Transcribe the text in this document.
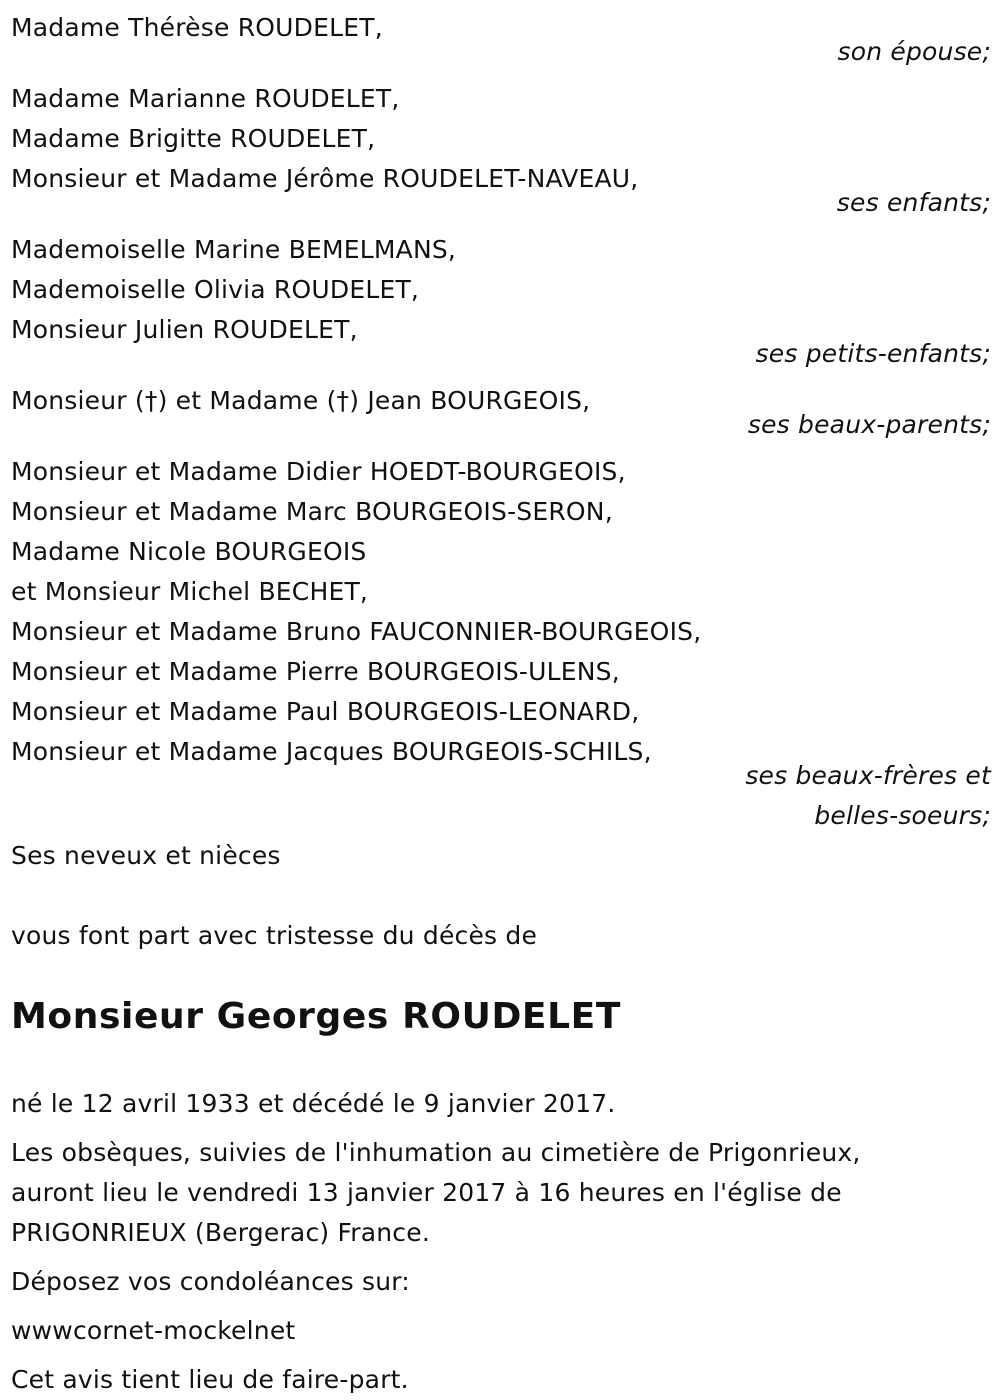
Madame Thérèse ROUDELET,
son épouse;
Madame Marianne ROUDELET,
Madame Brigitte ROUDELET,
Monsieur et Madame Jérôme ROUDELET-NAVEAU,
ses enfants;
Mademoiselle Marine BEMELMANS,
Mademoiselle Olivia ROUDELET,
Monsieur Julien ROUDELET,
ses petits-enfants;
Monsieur (†) et Madame (†) Jean BOURGEOIS,
ses beaux-parents;
Monsieur et Madame Didier HOEDT-BOURGEOIS,
Monsieur et Madame Marc BOURGEOIS-SERON,
Madame Nicole BOURGEOIS
et Monsieur Michel BECHET,
Monsieur et Madame Bruno FAUCONNIER-BOURGEOIS,
Monsieur et Madame Pierre BOURGEOIS-ULENS,
Monsieur et Madame Paul BOURGEOIS-LEONARD,
Monsieur et Madame Jacques BOURGEOIS-SCHILS,
ses beaux-frères et
belles-soeurs;
Ses neveux et nièces
vous font part avec tristesse du décès de
Monsieur Georges ROUDELET
né le 12 avril 1933 et décédé le 9 janvier 2017.
Les obsèques, suivies de l'inhumation au cimetière de Prigonrieux,
auront lieu le vendredi 13 janvier 2017 à 16 heures en l'église de
PRIGONRIEUX (Bergerac) France.
Déposez vos condoléances sur:
wwwcornet-mockelnet
Cet avis tient lieu de faire-part.
